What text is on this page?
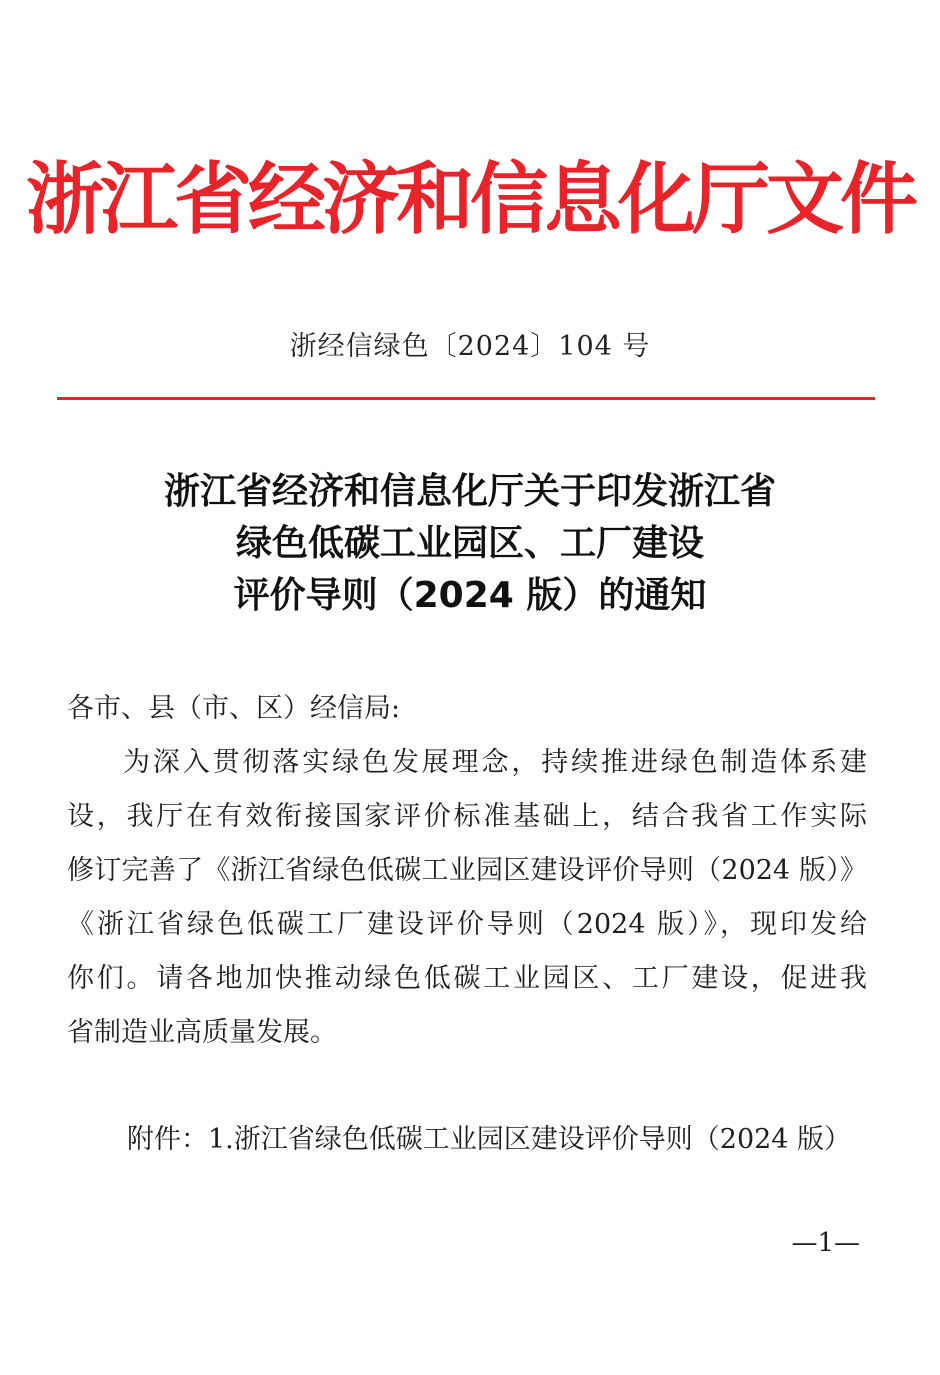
浙江省经济和信息化厅文件
浙经信绿色〔2024〕104 号
浙江省经济和信息化厅关于印发浙江省
绿色低碳工业园区、工厂建设
评价导则（2024 版）的通知
各市、县（市、区）经信局:
为深入贯彻落实绿色发展理念，持续推进绿色制造体系建
设，我厅在有效衔接国家评价标准基础上，结合我省工作实际
修订完善了《浙江省绿色低碳工业园区建设评价导则（2024 版）》
《浙江省绿色低碳工厂建设评价导则（2024 版）》，现印发给
你们。请各地加快推动绿色低碳工业园区、工厂建设，促进我
省制造业高质量发展。
附件：1.浙江省绿色低碳工业园区建设评价导则（2024 版）
—1—
